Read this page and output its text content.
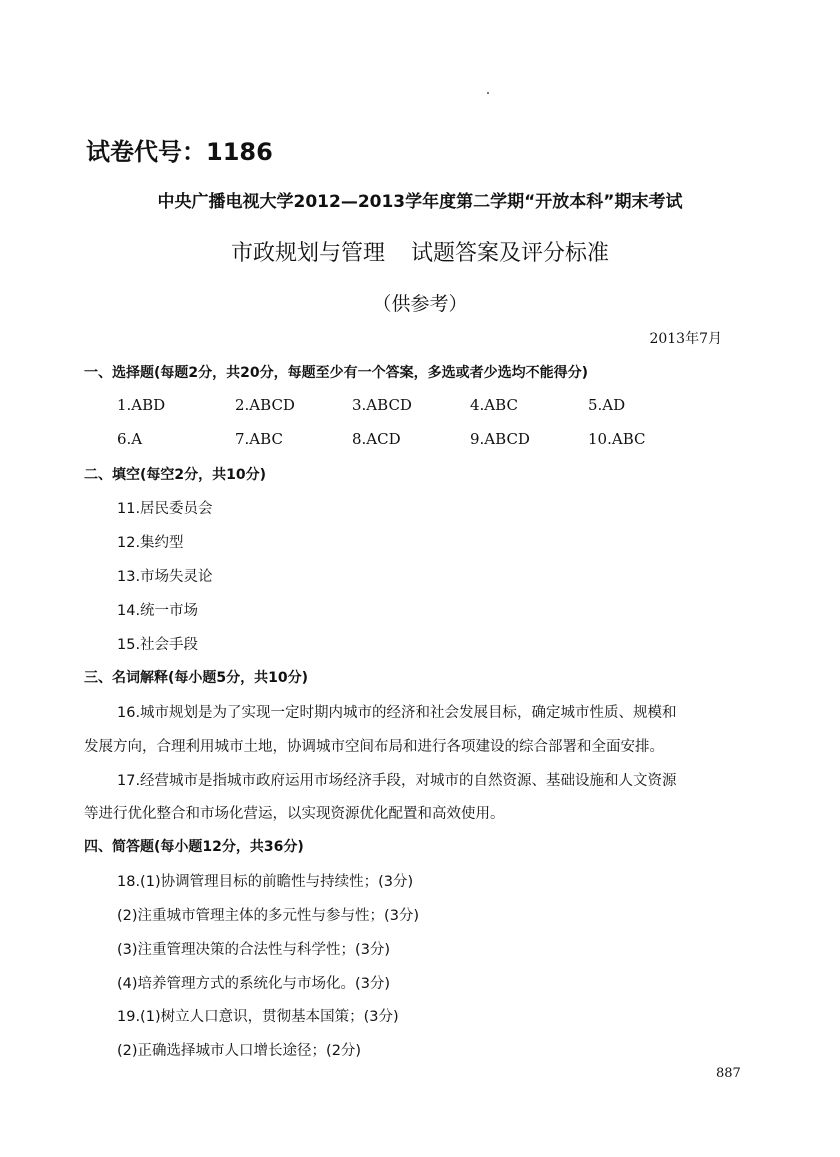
试卷代号：1186
中央广播电视大学2012—2013学年度第二学期“开放本科”期末考试
市政规划与管理 试题答案及评分标准
（供参考）
2013年7月
一、选择题(每题2分，共20分，每题至少有一个答案，多选或者少选均不能得分)
1.ABD	2.ABCD	3.ABCD	4.ABC	5.AD
6.A	7.ABC	8.ACD	9.ABCD	10.ABC
二、填空(每空2分，共10分)
11.居民委员会
12.集约型
13.市场失灵论
14.统一市场
15.社会手段
三、名词解释(每小题5分，共10分)
16.城市规划是为了实现一定时期内城市的经济和社会发展目标，确定城市性质、规模和
发展方向，合理利用城市土地，协调城市空间布局和进行各项建设的综合部署和全面安排。
17.经营城市是指城市政府运用市场经济手段，对城市的自然资源、基础设施和人文资源
等进行优化整合和市场化营运，以实现资源优化配置和高效使用。
四、简答题(每小题12分，共36分)
18.(1)协调管理目标的前瞻性与持续性；(3分)
(2)注重城市管理主体的多元性与参与性；(3分)
(3)注重管理决策的合法性与科学性；(3分)
(4)培养管理方式的系统化与市场化。(3分)
19.(1)树立人口意识，贯彻基本国策；(3分)
(2)正确选择城市人口增长途径；(2分)
887
